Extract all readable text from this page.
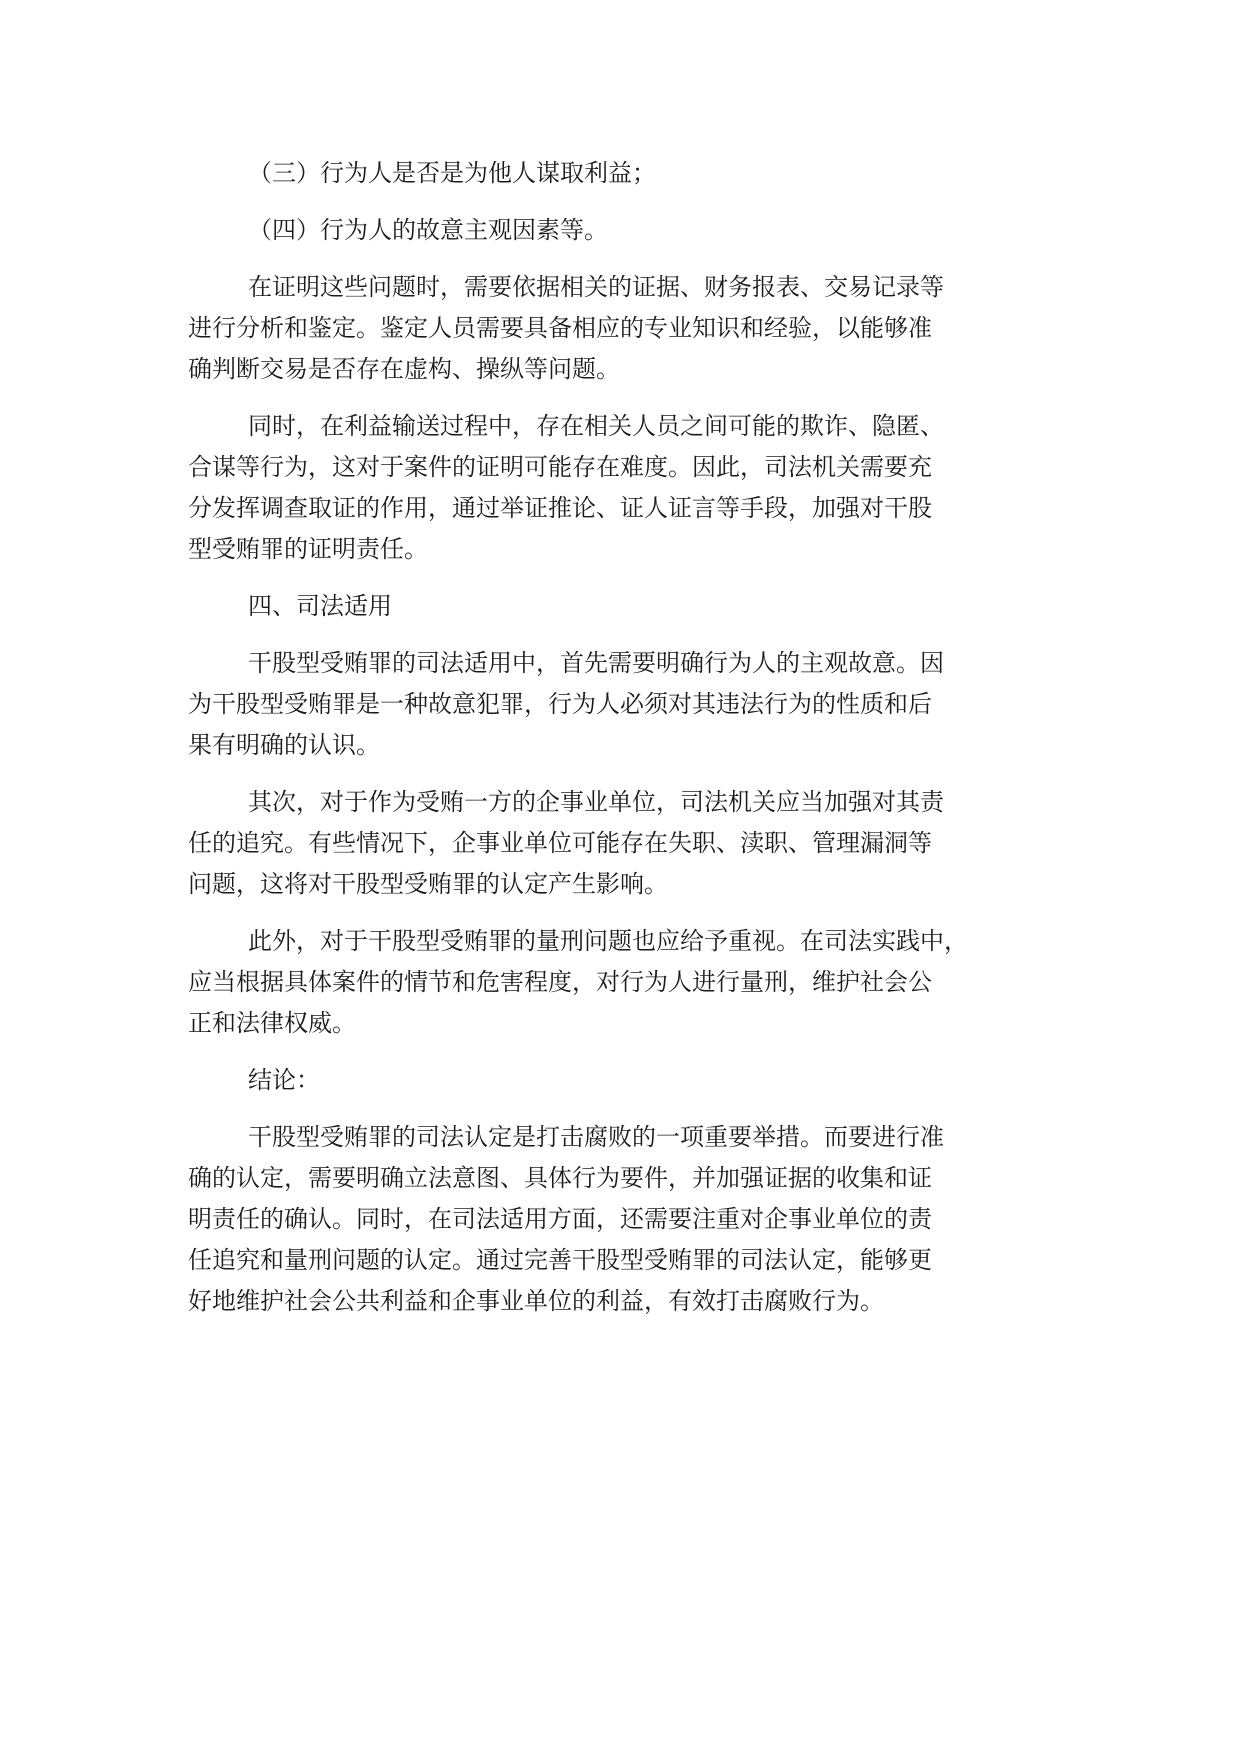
（三）行为人是否是为他人谋取利益；
（四）行为人的故意主观因素等。
在证明这些问题时，需要依据相关的证据、财务报表、交易记录等
进行分析和鉴定。鉴定人员需要具备相应的专业知识和经验，以能够准
确判断交易是否存在虚构、操纵等问题。
同时，在利益输送过程中，存在相关人员之间可能的欺诈、隐匿、
合谋等行为，这对于案件的证明可能存在难度。因此，司法机关需要充
分发挥调查取证的作用，通过举证推论、证人证言等手段，加强对干股
型受贿罪的证明责任。
四、司法适用
干股型受贿罪的司法适用中，首先需要明确行为人的主观故意。因
为干股型受贿罪是一种故意犯罪，行为人必须对其违法行为的性质和后
果有明确的认识。
其次，对于作为受贿一方的企事业单位，司法机关应当加强对其责
任的追究。有些情况下，企事业单位可能存在失职、渎职、管理漏洞等
问题，这将对干股型受贿罪的认定产生影响。
此外，对于干股型受贿罪的量刑问题也应给予重视。在司法实践中，
应当根据具体案件的情节和危害程度，对行为人进行量刑，维护社会公
正和法律权威。
结论：
干股型受贿罪的司法认定是打击腐败的一项重要举措。而要进行准
确的认定，需要明确立法意图、具体行为要件，并加强证据的收集和证
明责任的确认。同时，在司法适用方面，还需要注重对企事业单位的责
任追究和量刑问题的认定。通过完善干股型受贿罪的司法认定，能够更
好地维护社会公共利益和企事业单位的利益，有效打击腐败行为。
